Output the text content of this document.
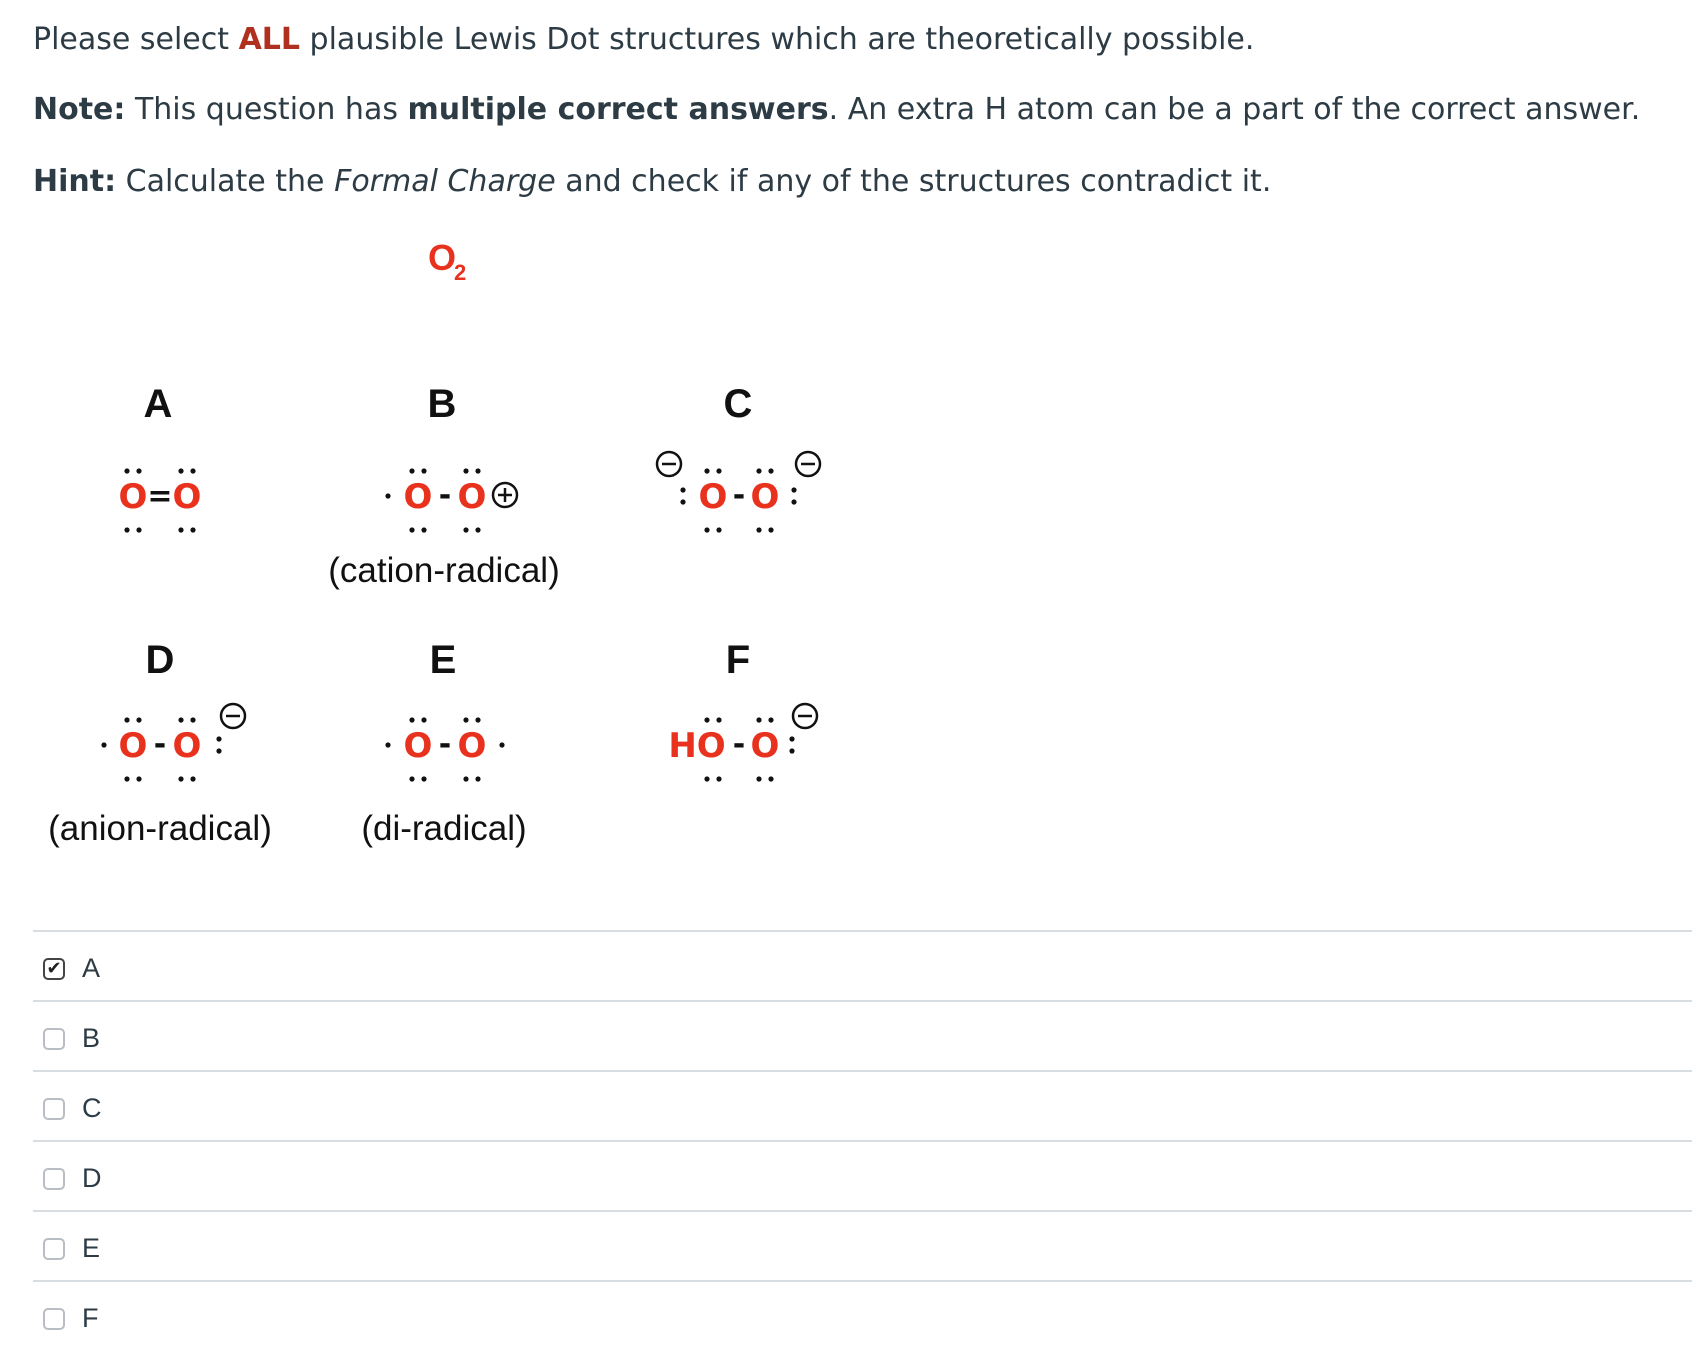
Please select ALL plausible Lewis Dot structures which are theoretically possible.
Note: This question has multiple correct answers. An extra H atom can be a part of the correct answer.
Hint: Calculate the Formal Charge and check if any of the structures contradict it.
O
2
A
O = O
B
O - O
(cation-radical)
C
O - O
D
O - O
(anion-radical)
E
O - O
(di-radical)
F
HO - O
✔ A
B
C
D
E
F
